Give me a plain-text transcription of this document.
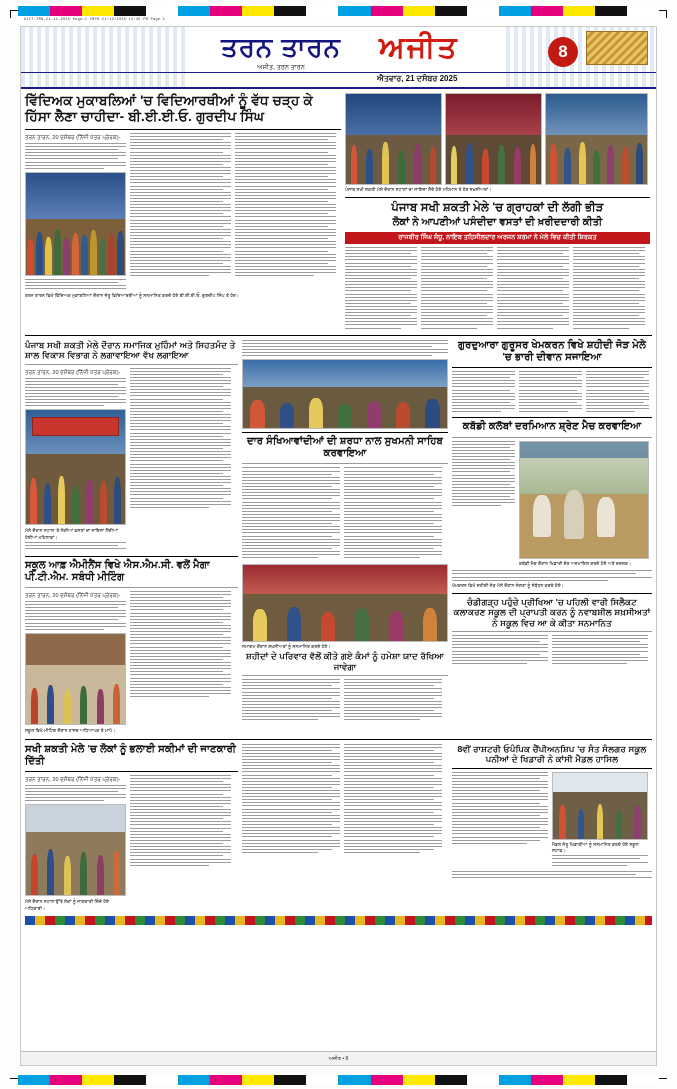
AJIT-TRN-21-12-2025 Page-1 CMYK 21/12/2025 11:45 PM Page 1
ਤਰਨ ਤਾਰਨ
ਅਜੀਤ, ਤਰਨ ਤਾਰਨ
ਅਜੀਤ	8
ਐਤਵਾਰ, 21 ਦਸੰਬਰ 2025
ਵਿੱਦਿਅਕ ਮੁਕਾਬਲਿਆਂ 'ਚ ਵਿਦਿਆਰਥੀਆਂ ਨੂੰ ਵੱਧ ਚੜ੍ਹ ਕੇ ਹਿੱਸਾ ਲੈਣਾ ਚਾਹੀਦਾ- ਬੀ.ਈ.ਈ.ਓ. ਗੁਰਦੀਪ ਸਿੰਘ
ਤਰਨ ਤਾਰਨ, 20 ਦਸੰਬਰ (ਨਿੱਜੀ ਪੱਤਰ ਪ੍ਰੇਰਕ)-
ਤਰਨ ਤਾਰਨ ਵਿਖੇ ਵਿੱਦਿਅਕ ਮੁਕਾਬਲਿਆਂ ਦੌਰਾਨ ਜੇਤੂ ਵਿਦਿਆਰਥੀਆਂ ਨੂੰ ਸਨਮਾਨਿਤ ਕਰਦੇ ਹੋਏ ਬੀ.ਈ.ਈ.ਓ. ਗੁਰਦੀਪ ਸਿੰਘ ਤੇ ਹੋਰ।
ਪੰਜਾਬ ਸਖੀ ਸ਼ਕਤੀ ਮੇਲੇ ਦੌਰਾਨ ਸਟਾਲਾਂ ਦਾ ਜਾਇਜ਼ਾ ਲੈਂਦੇ ਹੋਏ ਮਹਿਮਾਨ ਤੇ ਹੋਰ ਸ਼ਖ਼ਸੀਅਤਾਂ।
ਪੰਜਾਬ ਸਖੀ ਸ਼ਕਤੀ ਮੇਲੇ 'ਚ ਗ੍ਰਾਹਕਾਂ ਦੀ ਲੱਗੀ ਭੀੜ
ਲੋਕਾਂ ਨੇ ਆਪਣੀਆਂ ਪਸੰਦੀਦਾ ਵਸਤਾਂ ਦੀ ਖ਼ਰੀਦਦਾਰੀ ਕੀਤੀ
ਰਾਜਬੀਰ ਸਿੰਘ ਸੰਧੂ, ਨਾਇਬ ਤਹਿਸੀਲਦਾਰ ਅਰਜਨ ਸ਼ਰਮਾ ਨੇ ਮੇਲੇ ਵਿਚ ਕੀਤੀ ਸ਼ਿਰਕਤ
ਪੰਜਾਬ ਸਖੀ ਸ਼ਕਤੀ ਮੇਲੇ ਦੌਰਾਨ ਸਮਾਜਿਕ ਮੁਹਿੰਮਾਂ ਅਤੇ ਸਿਹਤਮੰਦ ਤੇ ਸ਼ਾਲ ਵਿਕਾਸ ਵਿਭਾਗ ਨੇ ਲਗਾਵਾਇਆ ਵੱਖ ਲਗਾਇਆ
ਤਰਨ ਤਾਰਨ, 20 ਦਸੰਬਰ (ਨਿੱਜੀ ਪੱਤਰ ਪ੍ਰੇਰਕ)-
ਮੇਲੇ ਦੌਰਾਨ ਸਟਾਲ 'ਤੇ ਲੱਗੀਆਂ ਵਸਤਾਂ ਦਾ ਜਾਇਜ਼ਾ ਲੈਂਦੀਆਂ ਹੋਈਆਂ ਮਹਿਲਾਵਾਂ।
ਸਕੂਲ ਆਫ਼ ਐਮੀਨੈਂਸ ਵਿਖੇ ਐਸ.ਐਮ.ਸੀ. ਵਲੋਂ ਮੈਗਾ ਪੀ.ਟੀ.ਐਮ. ਸਬੰਧੀ ਮੀਟਿੰਗ
ਤਰਨ ਤਾਰਨ, 20 ਦਸੰਬਰ (ਨਿੱਜੀ ਪੱਤਰ ਪ੍ਰੇਰਕ)-
ਸਕੂਲ ਵਿਖੇ ਮੀਟਿੰਗ ਦੌਰਾਨ ਹਾਜ਼ਰ ਅਧਿਆਪਕ ਤੇ ਮਾਪੇ।
ਦਾਰ ਸੰਖਿਆਵਾਂਦੀਆਂ ਦੀ ਸ਼ਰਧਾ ਨਾਲ ਸੁਖਮਨੀ ਸਾਹਿਬ ਕਰਵਾਇਆ
ਸਮਾਗਮ ਦੌਰਾਨ ਸ਼ਖ਼ਸੀਅਤਾਂ ਨੂੰ ਸਨਮਾਨਿਤ ਕਰਦੇ ਹੋਏ।
ਸ਼ਹੀਦਾਂ ਦੇ ਪਰਿਵਾਰ ਵੱਲੋਂ ਕੀਤੇ ਗਏ ਕੰਮਾਂ ਨੂੰ ਹਮੇਸ਼ਾ ਯਾਦ ਰੱਖਿਆ ਜਾਵੇਗਾ
ਗੁਰਦੁਆਰਾ ਗੁਰੂਸਰ ਖੇਮਕਰਨ ਵਿਖੇ ਸ਼ਹੀਦੀ ਜੋੜ ਮੇਲੇ 'ਚ ਭਾਰੀ ਦੀਵਾਨ ਸਜਾਇਆ
ਕਬੱਡੀ ਕਲੱਬਾਂ ਦਰਮਿਆਨ ਸ਼੍ਰੇਣ ਮੈਚ ਕਰਵਾਇਆ
ਕਬੱਡੀ ਮੈਚ ਦੌਰਾਨ ਖਿਡਾਰੀ ਜ਼ੋਰ ਅਜ਼ਮਾਇਸ਼ ਕਰਦੇ ਹੋਏ ਅਤੇ ਦਰਸ਼ਕ।
ਖੇਮਕਰਨ ਵਿਖੇ ਸ਼ਹੀਦੀ ਜੋੜ ਮੇਲੇ ਦੌਰਾਨ ਸੰਗਤਾਂ ਨੂੰ ਸੰਬੋਧਨ ਕਰਦੇ ਹੋਏ।
ਚੰਡੀਗੜ੍ਹ ਪਹੁੰਚੇ ਪ੍ਰੀਖਿਆ 'ਚ ਪਹਿਲੀ ਵਾਰੀ ਸਿਲੈਕਟ ਕਲਾਕਰਣ ਸਕੂਲ ਦੀ ਪ੍ਰਾਪਤੀ ਕਰਨ ਨੂੰ ਨਵਾਬਸ਼ੀਲ ਸ਼ਖ਼ਸੀਅਤਾਂ ਨੇ ਸਕੂਲ ਵਿਚ ਆ ਕੇ ਕੀਤਾ ਸਨਮਾਨਿਤ
ਸਖੀ ਸ਼ਕਤੀ ਮੇਲੇ 'ਚ ਲੋਕਾਂ ਨੂੰ ਭਲਾਈ ਸਕੀਮਾਂ ਦੀ ਜਾਣਕਾਰੀ ਦਿੱਤੀ
ਤਰਨ ਤਾਰਨ, 20 ਦਸੰਬਰ (ਨਿੱਜੀ ਪੱਤਰ ਪ੍ਰੇਰਕ)-
ਮੇਲੇ ਦੌਰਾਨ ਸਟਾਲ ਉੱਤੇ ਲੋਕਾਂ ਨੂੰ ਜਾਣਕਾਰੀ ਦਿੰਦੇ ਹੋਏ ਅਧਿਕਾਰੀ।
8ਵੀਂ ਰਾਸ਼ਟਰੀ ਓਪੰਪਿਕ ਚੈਂਪੀਅਨਸ਼ਿਪ 'ਚ ਸੰਤ ਸੰਲਗਰ ਸਕੂਲ ਪਨੀਆਂ ਦੇ ਖਿਡਾਰੀ ਨੇ ਕਾਂਸੀ ਮੈਡਲ ਹਾਸਿਲ
ਮੈਡਲ ਜੇਤੂ ਖਿਡਾਰੀਆਂ ਨੂੰ ਸਨਮਾਨਿਤ ਕਰਦੇ ਹੋਏ ਸਕੂਲ ਸਟਾਫ਼।
ਅਜੀਤ • 8
